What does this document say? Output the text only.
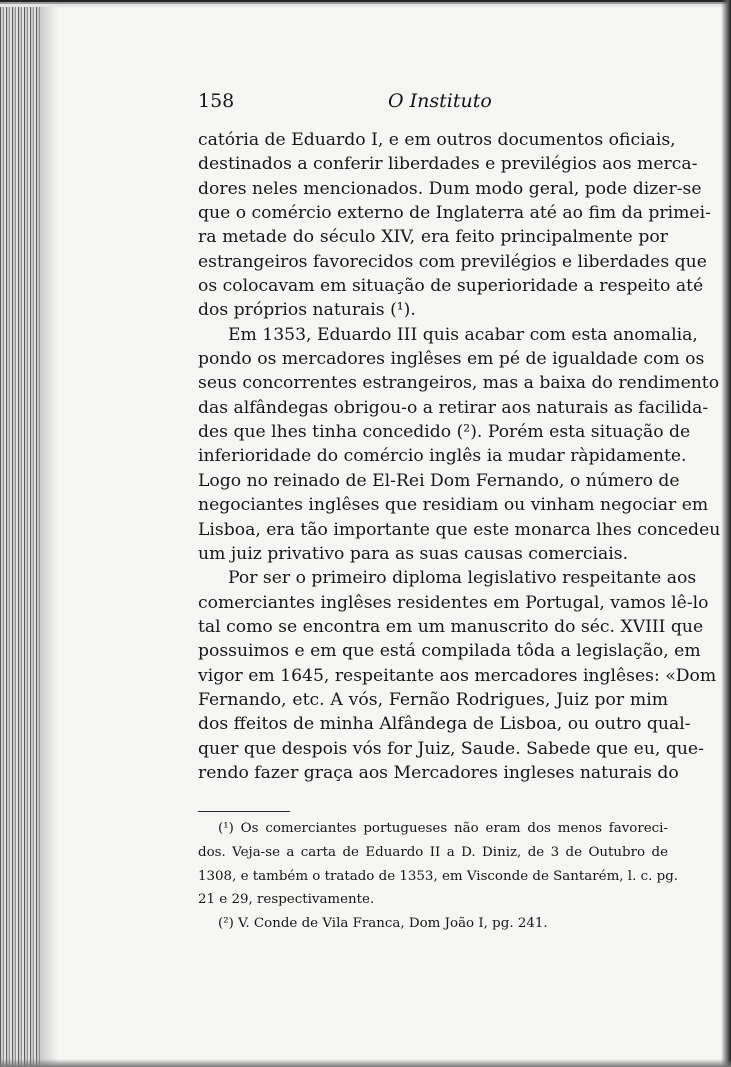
158	O Instituto
catória de Eduardo I, e em outros documentos oficiais,
destinados a conferir liberdades e previlégios aos merca-
dores neles mencionados. Dum modo geral, pode dizer-se
que o comércio externo de Inglaterra até ao fim da primei-
ra metade do século XIV, era feito principalmente por
estrangeiros favorecidos com previlégios e liberdades que
os colocavam em situação de superioridade a respeito até
dos próprios naturais (¹).
Em 1353, Eduardo III quis acabar com esta anomalia,
pondo os mercadores inglêses em pé de igualdade com os
seus concorrentes estrangeiros, mas a baixa do rendimento
das alfândegas obrigou-o a retirar aos naturais as facilida-
des que lhes tinha concedido (²). Porém esta situação de
inferioridade do comércio inglês ia mudar ràpidamente.
Logo no reinado de El-Rei Dom Fernando, o número de
negociantes inglêses que residiam ou vinham negociar em
Lisboa, era tão importante que este monarca lhes concedeu
um juiz privativo para as suas causas comerciais.
Por ser o primeiro diploma legislativo respeitante aos
comerciantes inglêses residentes em Portugal, vamos lê-lo
tal como se encontra em um manuscrito do séc. XVIII que
possuimos e em que está compilada tôda a legislação, em
vigor em 1645, respeitante aos mercadores inglêses: «Dom
Fernando, etc. A vós, Fernão Rodrigues, Juiz por mim
dos ffeitos de minha Alfândega de Lisboa, ou outro qual-
quer que despois vós for Juiz, Saude. Sabede que eu, que-
rendo fazer graça aos Mercadores ingleses naturais do
(¹) Os comerciantes portugueses não eram dos menos favoreci-
dos. Veja-se a carta de Eduardo II a D. Diniz, de 3 de Outubro de
1308, e também o tratado de 1353, em Visconde de Santarém, l. c. pg.
21 e 29, respectivamente.
(²) V. Conde de Vila Franca, Dom João I, pg. 241.
